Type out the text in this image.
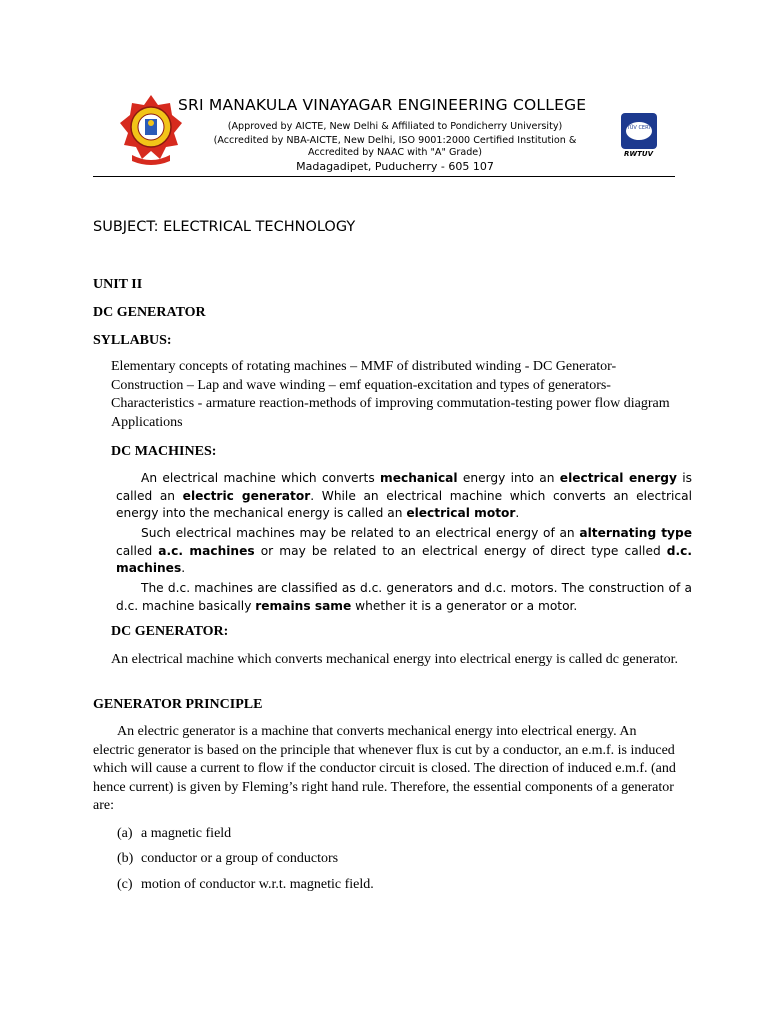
SRI MANAKULA VINAYAGAR ENGINEERING COLLEGE
(Approved by AICTE, New Delhi & Affiliated to Pondicherry University)
(Accredited by NBA-AICTE, New Delhi, ISO 9001:2000 Certified Institution &
Accredited by NAAC with "A" Grade)
Madagadipet, Puducherry - 605 107
TÜV CERT
RWTUV
SUBJECT: ELECTRICAL TECHNOLOGY
UNIT II
DC GENERATOR
SYLLABUS:
Elementary concepts of rotating machines – MMF of distributed winding - DC Generator- Construction – Lap and wave winding – emf equation-excitation and types of generators- Characteristics - armature reaction-methods of improving commutation-testing power flow diagram Applications
DC MACHINES:
An electrical machine which converts mechanical energy into an electrical energy is called an electric generator. While an electrical machine which converts an electrical energy into the mechanical energy is called an electrical motor.
Such electrical machines may be related to an electrical energy of an alternating type called a.c. machines or may be related to an electrical energy of direct type called d.c. machines.
The d.c. machines are classified as d.c. generators and d.c. motors. The construction of a d.c. machine basically remains same whether it is a generator or a motor.
DC GENERATOR:
An electrical machine which converts mechanical energy into electrical energy is called dc generator.
GENERATOR PRINCIPLE
An electric generator is a machine that converts mechanical energy into electrical energy. An electric generator is based on the principle that whenever flux is cut by a conductor, an e.m.f. is induced which will cause a current to flow if the conductor circuit is closed. The direction of induced e.m.f. (and hence current) is given by Fleming’s right hand rule. Therefore, the essential components of a generator are:
(a) a magnetic field
(b) conductor or a group of conductors
(c) motion of conductor w.r.t. magnetic field.
